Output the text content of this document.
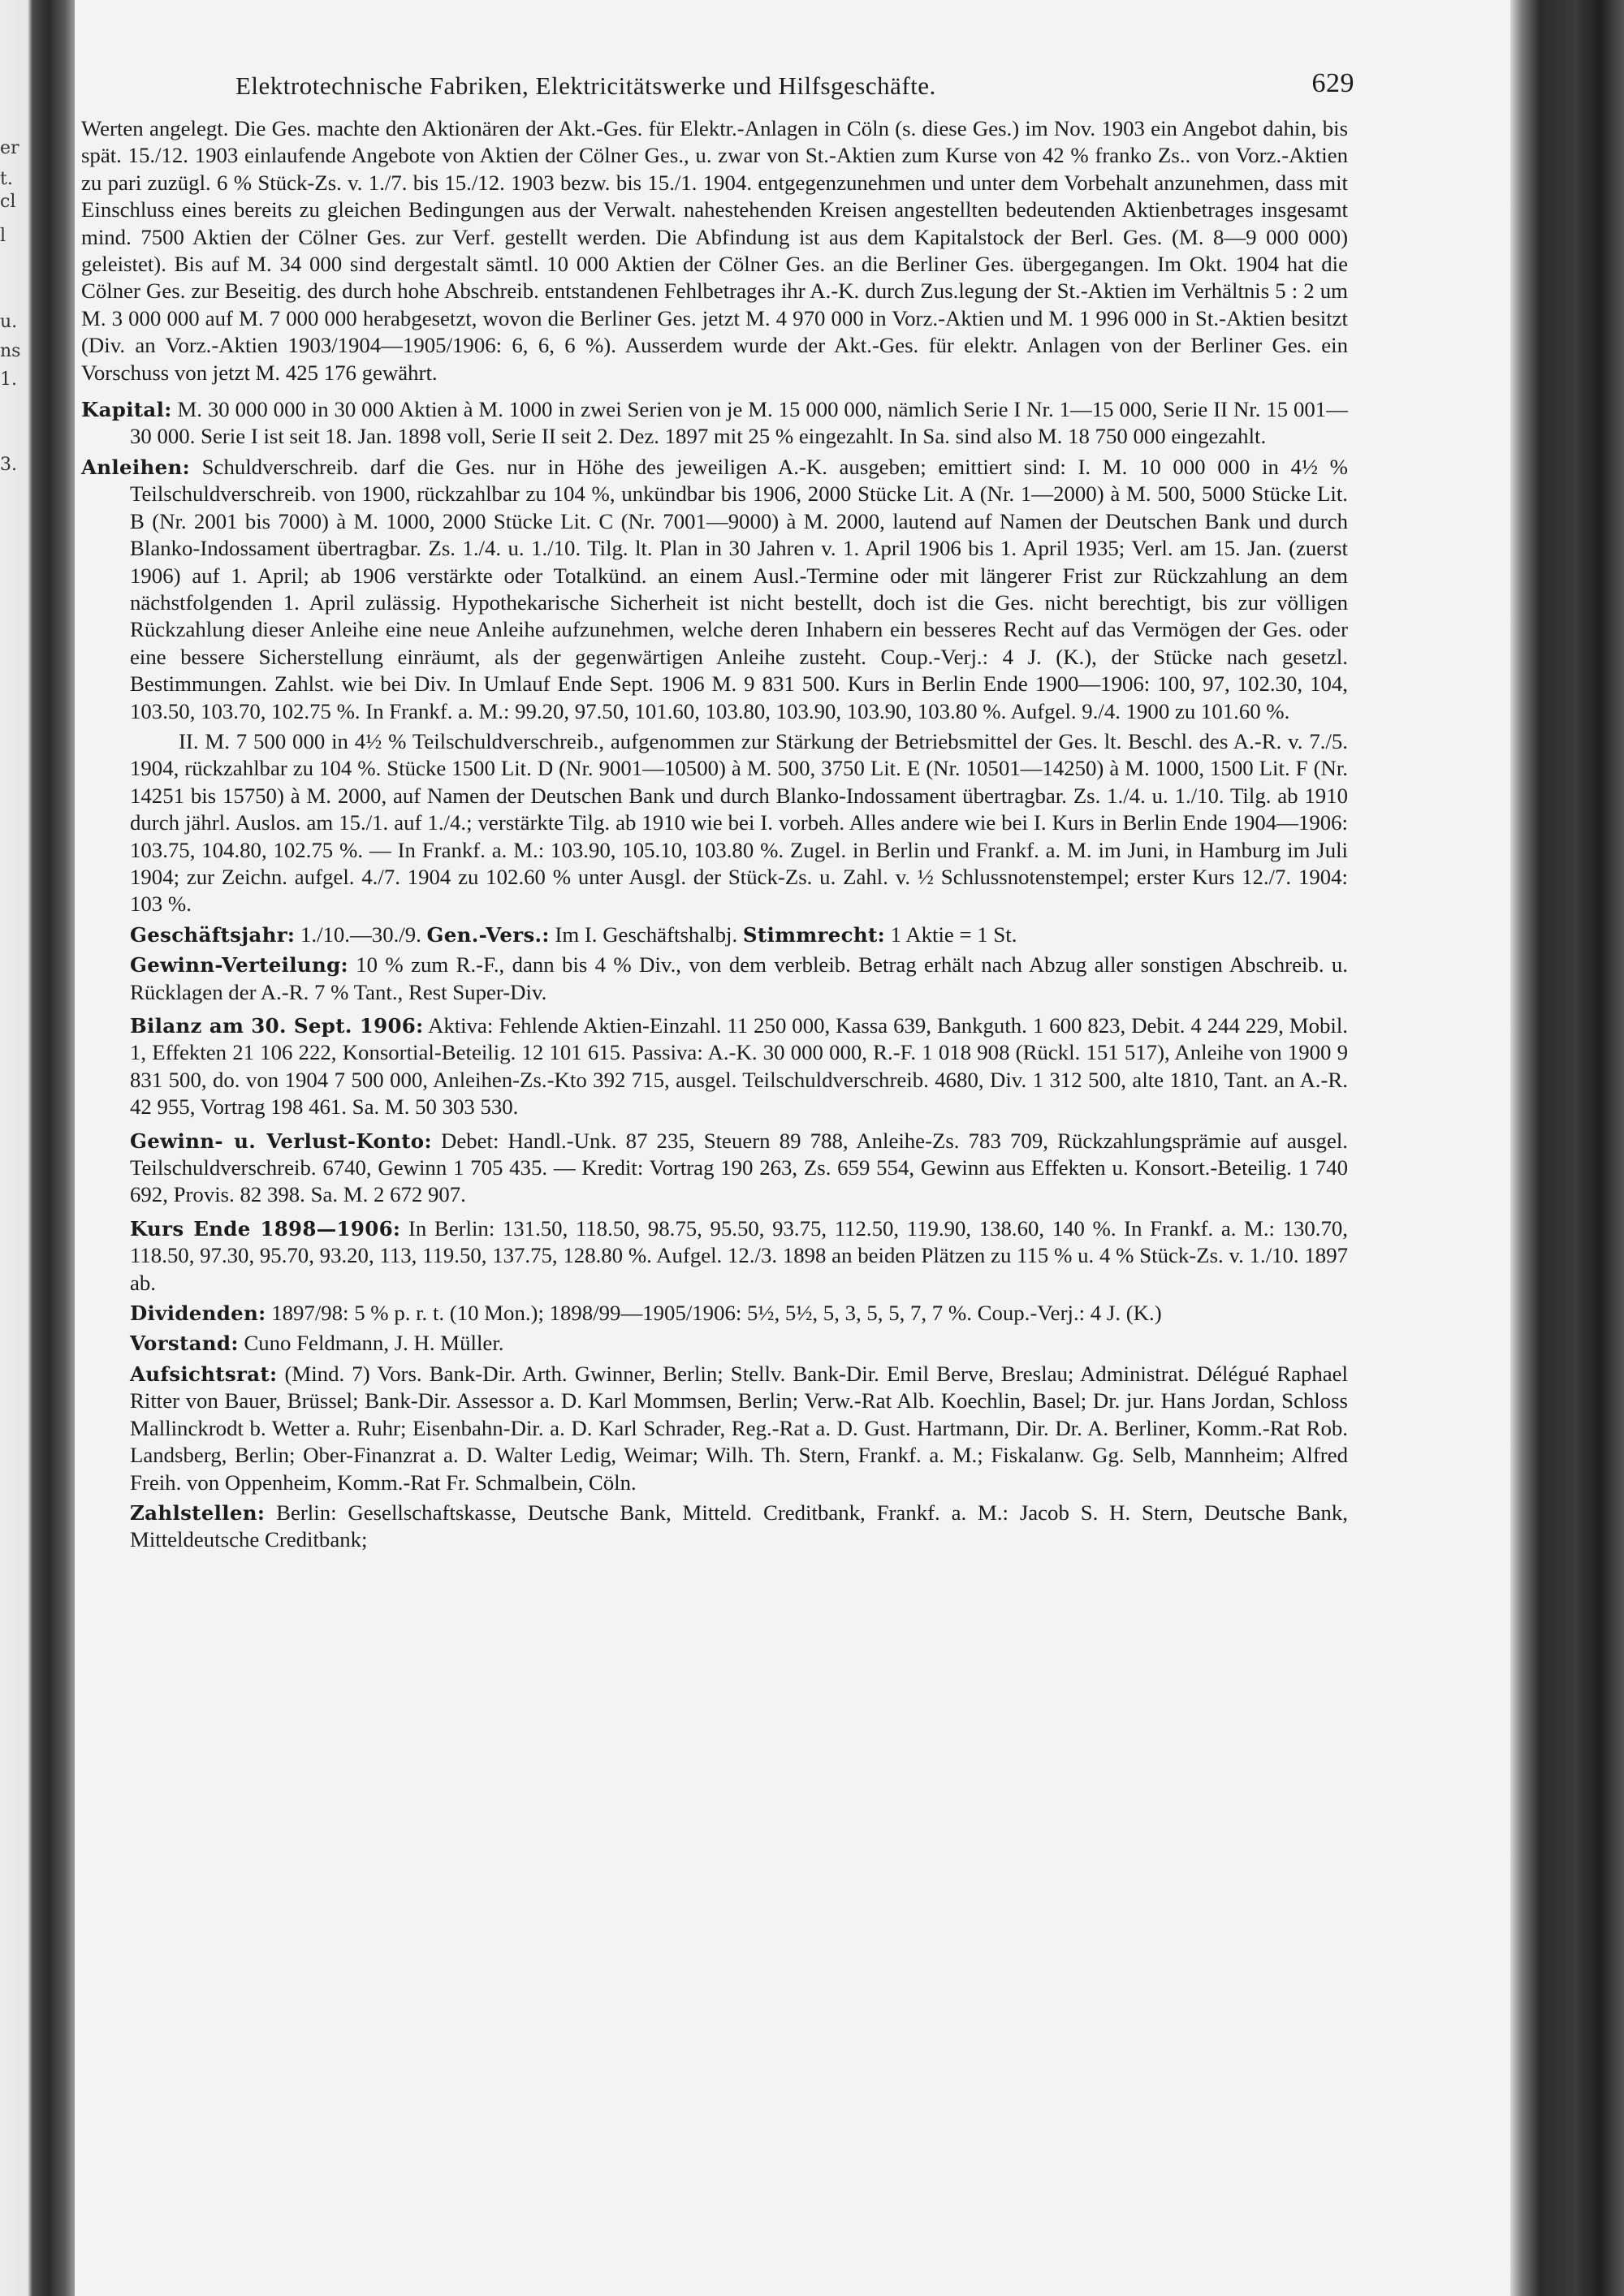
er
t.
cl
l
u.
ns
1.
3.
Elektrotechnische Fabriken, Elektricitätswerke und Hilfsgeschäfte.	629

Werten angelegt. Die Ges. machte den Aktionären der Akt.-Ges. für Elektr.-Anlagen in Cöln (s. diese Ges.) im Nov. 1903 ein Angebot dahin, bis spät. 15./12. 1903 einlaufende Angebote von Aktien der Cölner Ges., u. zwar von St.-Aktien zum Kurse von 42 % franko Zs.. von Vorz.-Aktien zu pari zuzügl. 6 % Stück-Zs. v. 1./7. bis 15./12. 1903 bezw. bis 15./1. 1904. entgegenzunehmen und unter dem Vorbehalt anzunehmen, dass mit Einschluss eines bereits zu gleichen Bedingungen aus der Verwalt. nahestehenden Kreisen angestellten bedeutenden Aktienbetrages insgesamt mind. 7500 Aktien der Cölner Ges. zur Verf. gestellt werden. Die Abfindung ist aus dem Kapitalstock der Berl. Ges. (M. 8—9 000 000) geleistet). Bis auf M. 34 000 sind dergestalt sämtl. 10 000 Aktien der Cölner Ges. an die Berliner Ges. übergegangen. Im Okt. 1904 hat die Cölner Ges. zur Beseitig. des durch hohe Abschreib. entstandenen Fehlbetrages ihr A.-K. durch Zus.legung der St.-Aktien im Verhältnis 5 : 2 um M. 3 000 000 auf M. 7 000 000 herabgesetzt, wovon die Berliner Ges. jetzt M. 4 970 000 in Vorz.-Aktien und M. 1 996 000 in St.-Aktien besitzt (Div. an Vorz.-Aktien 1903/1904—1905/1906: 6, 6, 6 %). Ausserdem wurde der Akt.-Ges. für elektr. Anlagen von der Berliner Ges. ein Vorschuss von jetzt M. 425 176 gewährt.

Kapital: M. 30 000 000 in 30 000 Aktien à M. 1000 in zwei Serien von je M. 15 000 000, nämlich Serie I Nr. 1—15 000, Serie II Nr. 15 001—30 000. Serie I ist seit 18. Jan. 1898 voll, Serie II seit 2. Dez. 1897 mit 25 % eingezahlt. In Sa. sind also M. 18 750 000 eingezahlt.

Anleihen: Schuldverschreib. darf die Ges. nur in Höhe des jeweiligen A.-K. ausgeben; emittiert sind: I. M. 10 000 000 in 4½ % Teilschuldverschreib. von 1900, rückzahlbar zu 104 %, unkündbar bis 1906, 2000 Stücke Lit. A (Nr. 1—2000) à M. 500, 5000 Stücke Lit. B (Nr. 2001 bis 7000) à M. 1000, 2000 Stücke Lit. C (Nr. 7001—9000) à M. 2000, lautend auf Namen der Deutschen Bank und durch Blanko-Indossament übertragbar. Zs. 1./4. u. 1./10. Tilg. lt. Plan in 30 Jahren v. 1. April 1906 bis 1. April 1935; Verl. am 15. Jan. (zuerst 1906) auf 1. April; ab 1906 verstärkte oder Totalkünd. an einem Ausl.-Termine oder mit längerer Frist zur Rückzahlung an dem nächstfolgenden 1. April zulässig. Hypothekarische Sicherheit ist nicht bestellt, doch ist die Ges. nicht berechtigt, bis zur völligen Rückzahlung dieser Anleihe eine neue Anleihe aufzunehmen, welche deren Inhabern ein besseres Recht auf das Vermögen der Ges. oder eine bessere Sicherstellung einräumt, als der gegenwärtigen Anleihe zusteht. Coup.-Verj.: 4 J. (K.), der Stücke nach gesetzl. Bestimmungen. Zahlst. wie bei Div. In Umlauf Ende Sept. 1906 M. 9 831 500. Kurs in Berlin Ende 1900—1906: 100, 97, 102.30, 104, 103.50, 103.70, 102.75 %. In Frankf. a. M.: 99.20, 97.50, 101.60, 103.80, 103.90, 103.90, 103.80 %. Aufgel. 9./4. 1900 zu 101.60 %.

II. M. 7 500 000 in 4½ % Teilschuldverschreib., aufgenommen zur Stärkung der Betriebsmittel der Ges. lt. Beschl. des A.-R. v. 7./5. 1904, rückzahlbar zu 104 %. Stücke 1500 Lit. D (Nr. 9001—10500) à M. 500, 3750 Lit. E (Nr. 10501—14250) à M. 1000, 1500 Lit. F (Nr. 14251 bis 15750) à M. 2000, auf Namen der Deutschen Bank und durch Blanko-Indossament übertragbar. Zs. 1./4. u. 1./10. Tilg. ab 1910 durch jährl. Auslos. am 15./1. auf 1./4.; verstärkte Tilg. ab 1910 wie bei I. vorbeh. Alles andere wie bei I. Kurs in Berlin Ende 1904—1906: 103.75, 104.80, 102.75 %. — In Frankf. a. M.: 103.90, 105.10, 103.80 %. Zugel. in Berlin und Frankf. a. M. im Juni, in Hamburg im Juli 1904; zur Zeichn. aufgel. 4./7. 1904 zu 102.60 % unter Ausgl. der Stück-Zs. u. Zahl. v. ½ Schlussnotenstempel; erster Kurs 12./7. 1904: 103 %.

Geschäftsjahr: 1./10.—30./9. Gen.-Vers.: Im I. Geschäftshalbj. Stimmrecht: 1 Aktie = 1 St.

Gewinn-Verteilung: 10 % zum R.-F., dann bis 4 % Div., von dem verbleib. Betrag erhält nach Abzug aller sonstigen Abschreib. u. Rücklagen der A.-R. 7 % Tant., Rest Super-Div.

Bilanz am 30. Sept. 1906: Aktiva: Fehlende Aktien-Einzahl. 11 250 000, Kassa 639, Bankguth. 1 600 823, Debit. 4 244 229, Mobil. 1, Effekten 21 106 222, Konsortial-Beteilig. 12 101 615. Passiva: A.-K. 30 000 000, R.-F. 1 018 908 (Rückl. 151 517), Anleihe von 1900 9 831 500, do. von 1904 7 500 000, Anleihen-Zs.-Kto 392 715, ausgel. Teilschuldverschreib. 4680, Div. 1 312 500, alte 1810, Tant. an A.-R. 42 955, Vortrag 198 461. Sa. M. 50 303 530.

Gewinn- u. Verlust-Konto: Debet: Handl.-Unk. 87 235, Steuern 89 788, Anleihe-Zs. 783 709, Rückzahlungsprämie auf ausgel. Teilschuldverschreib. 6740, Gewinn 1 705 435. — Kredit: Vortrag 190 263, Zs. 659 554, Gewinn aus Effekten u. Konsort.-Beteilig. 1 740 692, Provis. 82 398. Sa. M. 2 672 907.

Kurs Ende 1898—1906: In Berlin: 131.50, 118.50, 98.75, 95.50, 93.75, 112.50, 119.90, 138.60, 140 %. In Frankf. a. M.: 130.70, 118.50, 97.30, 95.70, 93.20, 113, 119.50, 137.75, 128.80 %. Aufgel. 12./3. 1898 an beiden Plätzen zu 115 % u. 4 % Stück-Zs. v. 1./10. 1897 ab.

Dividenden: 1897/98: 5 % p. r. t. (10 Mon.); 1898/99—1905/1906: 5½, 5½, 5, 3, 5, 5, 7, 7 %. Coup.-Verj.: 4 J. (K.)

Vorstand: Cuno Feldmann, J. H. Müller.

Aufsichtsrat: (Mind. 7) Vors. Bank-Dir. Arth. Gwinner, Berlin; Stellv. Bank-Dir. Emil Berve, Breslau; Administrat. Délégué Raphael Ritter von Bauer, Brüssel; Bank-Dir. Assessor a. D. Karl Mommsen, Berlin; Verw.-Rat Alb. Koechlin, Basel; Dr. jur. Hans Jordan, Schloss Mallinckrodt b. Wetter a. Ruhr; Eisenbahn-Dir. a. D. Karl Schrader, Reg.-Rat a. D. Gust. Hartmann, Dir. Dr. A. Berliner, Komm.-Rat Rob. Landsberg, Berlin; Ober-Finanzrat a. D. Walter Ledig, Weimar; Wilh. Th. Stern, Frankf. a. M.; Fiskalanw. Gg. Selb, Mannheim; Alfred Freih. von Oppenheim, Komm.-Rat Fr. Schmalbein, Cöln.

Zahlstellen: Berlin: Gesellschaftskasse, Deutsche Bank, Mitteld. Creditbank, Frankf. a. M.: Jacob S. H. Stern, Deutsche Bank, Mitteldeutsche Creditbank;
